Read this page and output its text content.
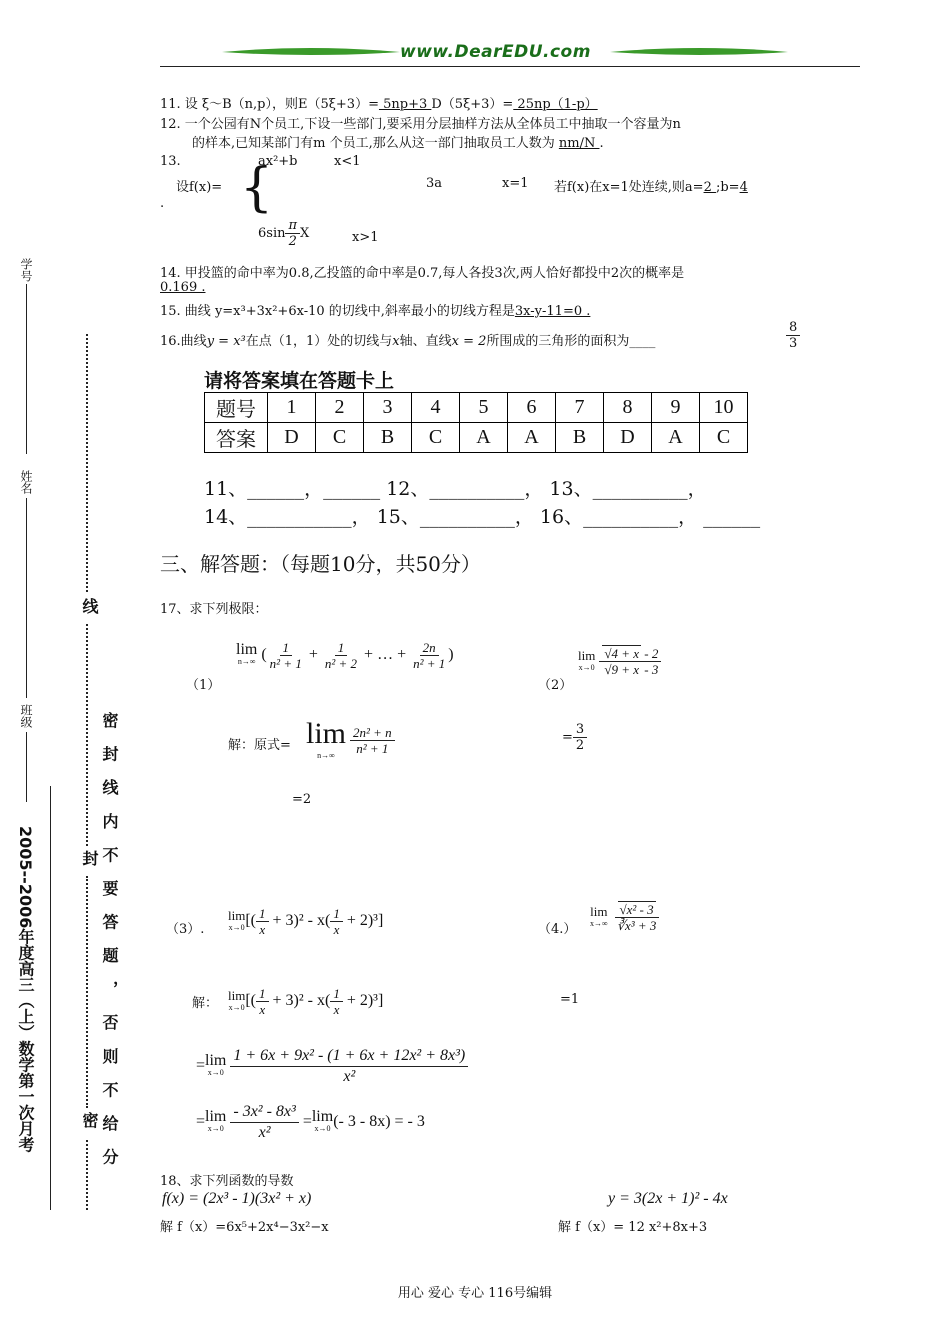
www.DearEDU.com
11. 设 ξ～B（n,p），则E（5ξ+3）= 5np+3 D（5ξ+3）= 25np（1-p）
12. 一个公园有N个员工,下设一些部门,要采用分层抽样方法从全体员工中抽取一个容量为n
的样本,已知某部门有m 个员工,那么从这一部门抽取员工人数为 nm/N .
13.	ax²+b	x<1
设f(x)= {	3a	x=1 若f(x)在x=1处连续,则a=2 ;b=4
.
$6\sin \frac{\pi}{2}$ X	x>1
14. 甲投篮的命中率为0.8,乙投篮的命中率是0.7,每人各投3次,两人恰好都投中2次的概率是
0.169 .
15. 曲线 y=x³+3x²+6x-10 的切线中,斜率最小的切线方程是3x-y-11=0 .
16.曲线y = x³在点（1，1）处的切线与x轴、直线x = 2所围成的三角形的面积为____	$\frac{8}{3}$
请将答案填在答题卡上
题号	1	2	3	4	5	6	7	8	9	10
答案	D	C	B	C	A	A	B	D	A	C
11、______，______ 12、__________， 13、__________，
14、___________， 15、__________， 16、__________， ______
三、解答题：（每题10分，共50分）
17、求下列极限：
（1）
lim
n→∞ ( $\frac{1}{\text{n² + 1}} + \frac{1}{\text{n² + 2}}$ + … + $\frac{2n}{\text{n² + 1}}$ )
（2）
lim
x→0
$\frac{√4 + x - 2}{√9 + x - 3}$
解：原式= lim
n→∞
$\frac{\text{2n² + n}}{\text{n² + 1}}$	= $\frac{3}{2}$
=2
（3）.
lim
x→0 [( $\frac{1}{x} + 3)^2 - x( \frac{1}{x} + 2)^3$]
（4.）
lim
x→∞
$\frac{\text{√x² - 3}}{\text{∛x³ + 3}}$
解：
lim
x→0 [( $\frac{1}{x} + 3)^2 - x( \frac{1}{x} + 2)^3$]	=1
= lim
x→0
$\frac{\text{1 + 6x + 9x² - (1 + 6x + 12x² + 8x³)}}{\text{x²}}$
= lim
x→0
$\frac{\text{- 3x² - 8x³}}{\text{x²}} = \lim$
x→0 (- 3 - 8x) = - 3
18、求下列函数的导数
f(x) = (2x³ - 1)(3x² + x)	y = 3(2x + 1)² - 4x
解 f（x）=6x⁵+2x⁴−3x²−x	解 f（x）= 12 x²+8x+3
2005--2006年度高三（上）数学第一次月考
班级
姓名
学号
线
封
密 密 封 线 内 不 要 答 题 ， 否 则 不 给 分
用心 爱心 专心 116号编辑
